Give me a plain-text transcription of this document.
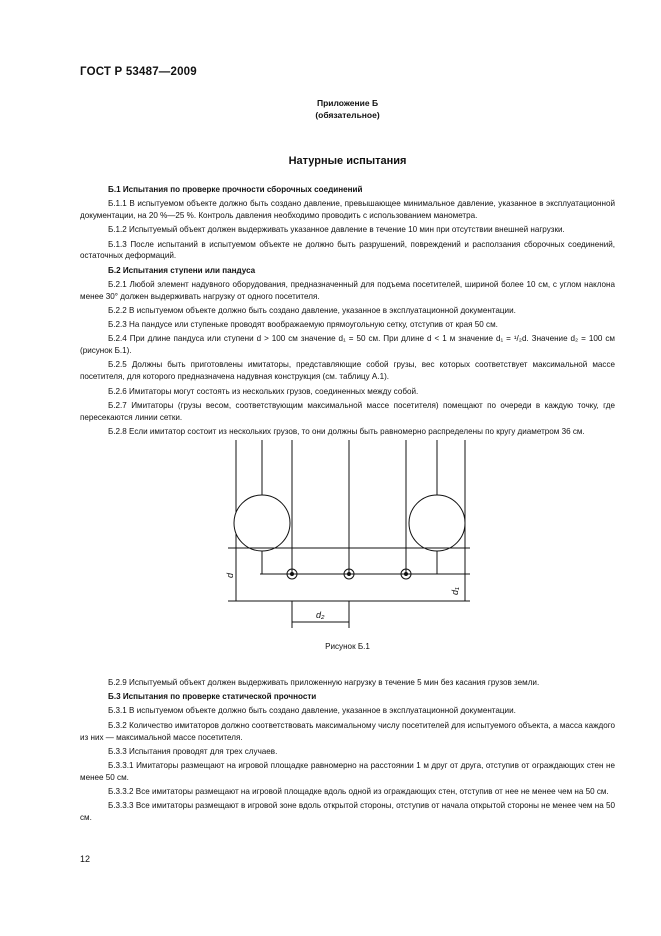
ГОСТ Р 53487—2009
Приложение Б
(обязательное)
Натурные испытания

Б.1 Испытания по проверке прочности сборочных соединений

Б.1.1 В испытуемом объекте должно быть создано давление, превышающее минимальное давление, указанное в эксплуатационной документации, на 20 %—25 %. Контроль давления необходимо проводить с использованием манометра.

Б.1.2 Испытуемый объект должен выдерживать указанное давление в течение 10 мин при отсутствии внешней нагрузки.

Б.1.3 После испытаний в испытуемом объекте не должно быть разрушений, повреждений и расползания сборочных соединений, остаточных деформаций.

Б.2 Испытания ступени или пандуса

Б.2.1 Любой элемент надувного оборудования, предназначенный для подъема посетителей, шириной более 10 см, с углом наклона менее 30° должен выдерживать нагрузку от одного посетителя.

Б.2.2 В испытуемом объекте должно быть создано давление, указанное в эксплуатационной документации.

Б.2.3 На пандусе или ступеньке проводят воображаемую прямоугольную сетку, отступив от края 50 см.

Б.2.4 При длине пандуса или ступени d > 100 см значение d₁ = 50 см. При длине d < 1 м значение d₁ = ¹/₂d. Значение d₂ = 100 см (рисунок Б.1).

Б.2.5 Должны быть приготовлены имитаторы, представляющие собой грузы, вес которых соответствует максимальной массе посетителя, для которого предназначена надувная конструкция (см. таблицу А.1).

Б.2.6 Имитаторы могут состоять из нескольких грузов, соединенных между собой.

Б.2.7 Имитаторы (грузы весом, соответствующим максимальной массе посетителя) помещают по очереди в каждую точку, где пересекаются линии сетки.

Б.2.8 Если имитатор состоит из нескольких грузов, то они должны быть равномерно распределены по кругу диаметром 36 см.

d
d₁
d₂
Рисунок Б.1

Б.2.9 Испытуемый объект должен выдерживать приложенную нагрузку в течение 5 мин без касания грузов земли.

Б.3 Испытания по проверке статической прочности

Б.3.1 В испытуемом объекте должно быть создано давление, указанное в эксплуатационной документации.

Б.3.2 Количество имитаторов должно соответствовать максимальному числу посетителей для испытуемого объекта, а масса каждого из них — максимальной массе посетителя.

Б.3.3 Испытания проводят для трех случаев.

Б.3.3.1 Имитаторы размещают на игровой площадке равномерно на расстоянии 1 м друг от друга, отступив от ограждающих стен не менее 50 см.

Б.3.3.2 Все имитаторы размещают на игровой площадке вдоль одной из ограждающих стен, отступив от нее не менее чем на 50 см.

Б.3.3.3 Все имитаторы размещают в игровой зоне вдоль открытой стороны, отступив от начала открытой стороны не менее чем на 50 см.

12
